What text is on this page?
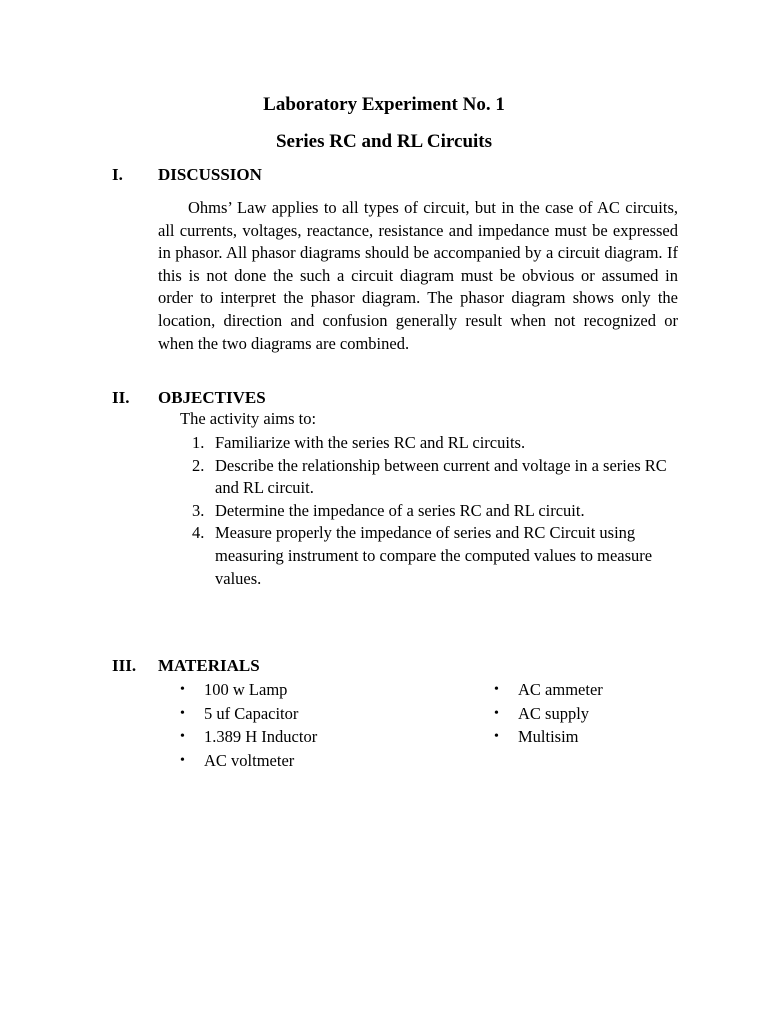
Laboratory Experiment No. 1
Series RC and RL Circuits
I. DISCUSSION

Ohms’ Law applies to all types of circuit, but in the case of AC circuits, all currents, voltages, reactance, resistance and impedance must be expressed in phasor. All phasor diagrams should be accompanied by a circuit diagram. If this is not done the such a circuit diagram must be obvious or assumed in order to interpret the phasor diagram. The phasor diagram shows only the location, direction and confusion generally result when not recognized or when the two diagrams are combined.

II. OBJECTIVES
The activity aims to:
1. Familiarize with the series RC and RL circuits.
2. Describe the relationship between current and voltage in a series RC and RL circuit.
3. Determine the impedance of a series RC and RL circuit.
4. Measure properly the impedance of series and RC Circuit using measuring instrument to compare the computed values to measure values.
III. MATERIALS
• 100 w Lamp
• 5 uf Capacitor
• 1.389 H Inductor
• AC voltmeter
• AC ammeter
• AC supply
• Multisim
